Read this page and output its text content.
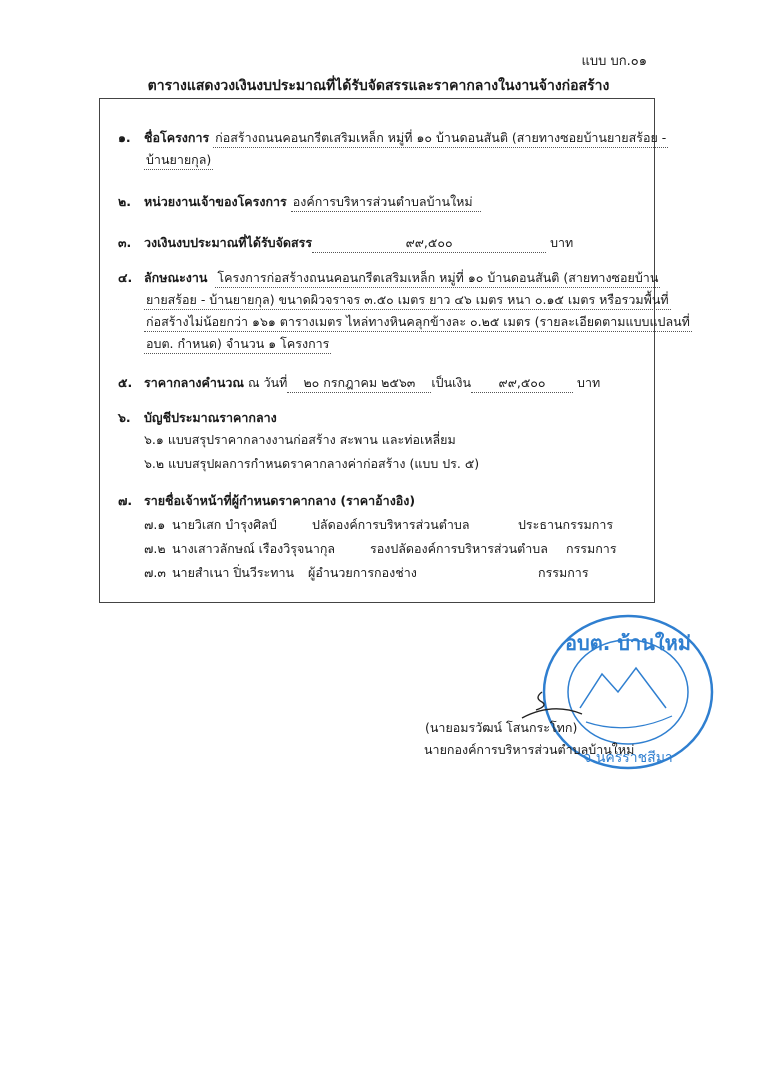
แบบ บก.๐๑
ตารางแสดงวงเงินงบประมาณที่ได้รับจัดสรรและราคากลางในงานจ้างก่อสร้าง
๑. ชื่อโครงการ ก่อสร้างถนนคอนกรีตเสริมเหล็ก หมู่ที่ ๑๐ บ้านดอนสันติ (สายทางซอยบ้านยายสร้อย -
บ้านยายกุล)
๒. หน่วยงานเจ้าของโครงการ องค์การบริหารส่วนตำบลบ้านใหม่
๓. วงเงินงบประมาณที่ได้รับจัดสรร	๙๙,๕๐๐	บาท
๔. ลักษณะงาน โครงการก่อสร้างถนนคอนกรีตเสริมเหล็ก หมู่ที่ ๑๐ บ้านดอนสันติ (สายทางซอยบ้าน
ยายสร้อย - บ้านยายกุล) ขนาดผิวจราจร ๓.๕๐ เมตร ยาว ๔๖ เมตร หนา ๐.๑๕ เมตร หรือรวมพื้นที่
ก่อสร้างไม่น้อยกว่า ๑๖๑ ตารางเมตร ไหล่ทางหินคลุกข้างละ ๐.๒๕ เมตร (รายละเอียดตามแบบแปลนที่
อบต. กำหนด) จำนวน ๑ โครงการ
๕. ราคากลางคำนวณ ณ วันที่ ๒๐ กรกฎาคม ๒๕๖๓ เป็นเงิน ๙๙,๕๐๐	บาท
๖. บัญชีประมาณราคากลาง
๖.๑ แบบสรุปราคากลางงานก่อสร้าง สะพาน และท่อเหลี่ยม
๖.๒ แบบสรุปผลการกำหนดราคากลางค่าก่อสร้าง (แบบ ปร. ๕)
๗. รายชื่อเจ้าหน้าที่ผู้กำหนดราคากลาง (ราคาอ้างอิง)
๗.๑ นายวิเสก บำรุงศิลป์	ปลัดองค์การบริหารส่วนตำบล	ประธานกรรมการ
๗.๒ นางเสาวลักษณ์ เรืองวิรุจนากุล	รองปลัดองค์การบริหารส่วนตำบล กรรมการ
๗.๓ นายสำเนา ปิ่นวีระทาน ผู้อำนวยการกองช่าง	กรรมการ
อบต. บ้านใหม่
จ.นครราชสีมา
(นายอมรวัฒน์ โสนกระโทก)
นายกองค์การบริหารส่วนตำบลบ้านใหม่
